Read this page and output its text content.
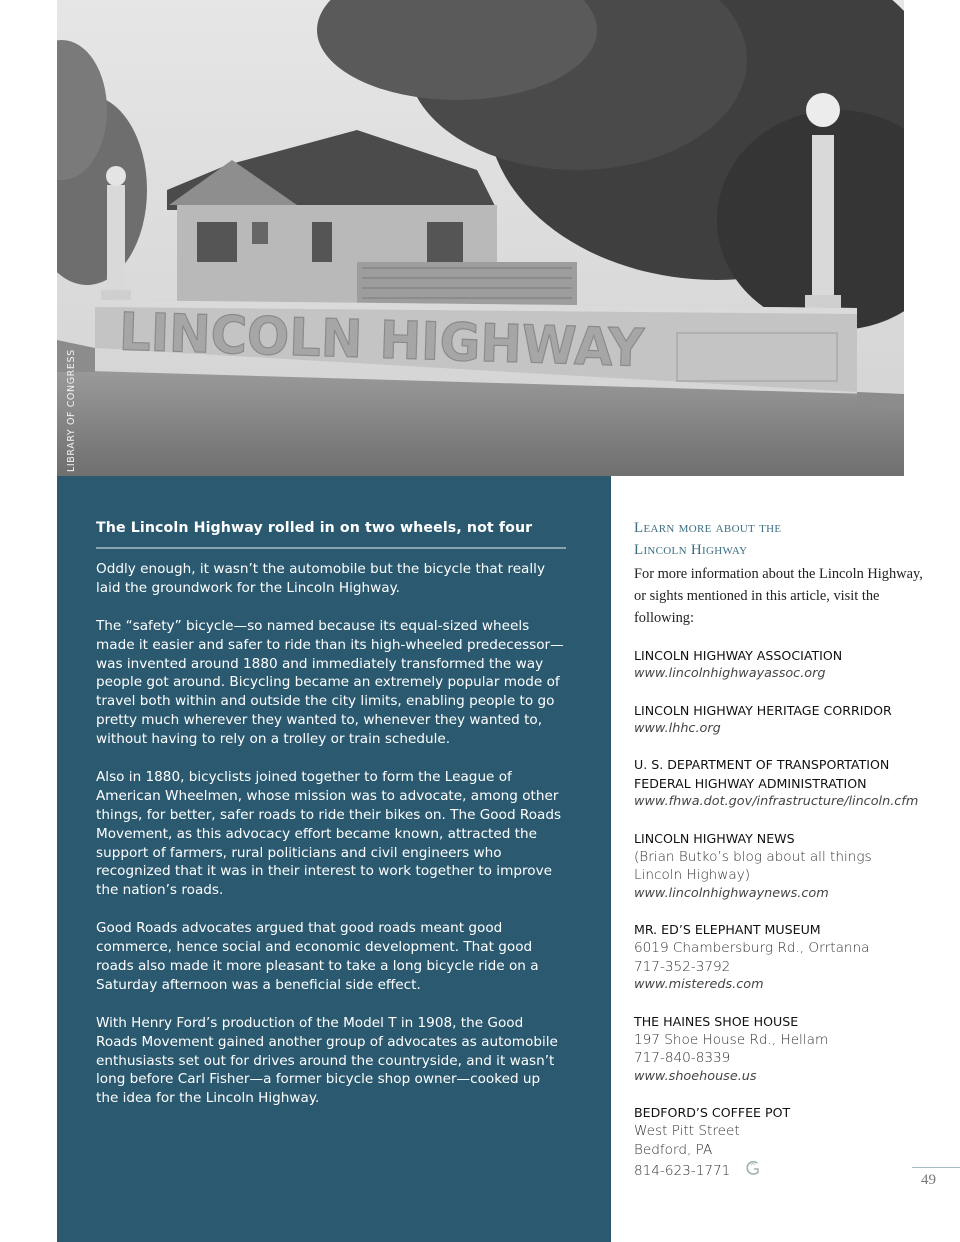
LINCOLN HIGHWAY
LIBRARY OF CONGRESS
The Lincoln Highway rolled in on two wheels, not four

Oddly enough, it wasn’t the automobile but the bicycle that really laid the groundwork for the Lincoln Highway.

The “safety” bicycle—so named because its equal-sized wheels made it easier and safer to ride than its high-wheeled predecessor—was invented around 1880 and immediately transformed the way people got around. Bicycling became an extremely popular mode of travel both within and outside the city limits, enabling people to go pretty much wherever they wanted to, whenever they wanted to, without having to rely on a trolley or train schedule.

Also in 1880, bicyclists joined together to form the League of American Wheelmen, whose mission was to advocate, among other things, for better, safer roads to ride their bikes on. The Good Roads Movement, as this advocacy effort became known, attracted the support of farmers, rural politicians and civil engineers who recognized that it was in their interest to work together to improve the nation’s roads.

Good Roads advocates argued that good roads meant good commerce, hence social and economic development. That good roads also made it more pleasant to take a long bicycle ride on a Saturday afternoon was a beneficial side effect.

With Henry Ford’s production of the Model T in 1908, the Good Roads Movement gained another group of advocates as automobile enthusiasts set out for drives around the countryside, and it wasn’t long before Carl Fisher—a former bicycle shop owner—cooked up the idea for the Lincoln Highway.

Learn more about the
Lincoln Highway
For more information about the Lincoln Highway, or sights mentioned in this article, visit the following:
LINCOLN HIGHWAY ASSOCIATION
www.lincolnhighwayassoc.org
LINCOLN HIGHWAY HERITAGE CORRIDOR
www.lhhc.org
U. S. DEPARTMENT OF TRANSPORTATION
FEDERAL HIGHWAY ADMINISTRATION
www.fhwa.dot.gov/infrastructure/lincoln.cfm
LINCOLN HIGHWAY NEWS
(Brian Butko’s blog about all things
Lincoln Highway)
www.lincolnhighwaynews.com
MR. ED’S ELEPHANT MUSEUM
6019 Chambersburg Rd., Orrtanna
717-352-3792
www.mistereds.com
THE HAINES SHOE HOUSE
197 Shoe House Rd., Hellam
717-840-8339
www.shoehouse.us
BEDFORD’S COFFEE POT
West Pitt Street
Bedford, PA
814-623-1771
49
